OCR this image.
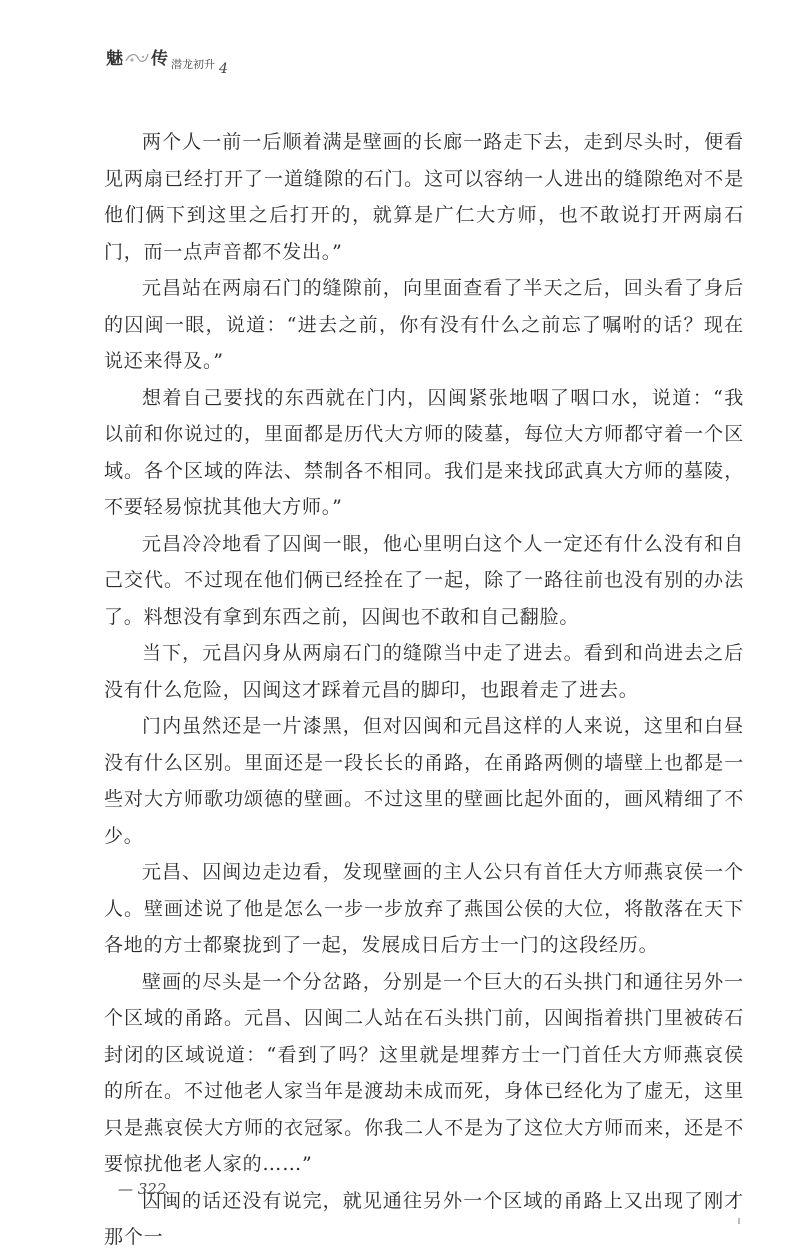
魅 传 潜龙初升 4

两个人一前一后顺着满是壁画的长廊一路走下去，走到尽头时，便看见两扇已经打开了一道缝隙的石门。这可以容纳一人进出的缝隙绝对不是他们俩下到这里之后打开的，就算是广仁大方师，也不敢说打开两扇石门，而一点声音都不发出。”

元昌站在两扇石门的缝隙前，向里面查看了半天之后，回头看了身后的囚闽一眼，说道：“进去之前，你有没有什么之前忘了嘱咐的话？现在说还来得及。”

想着自己要找的东西就在门内，囚闽紧张地咽了咽口水，说道：“我以前和你说过的，里面都是历代大方师的陵墓，每位大方师都守着一个区域。各个区域的阵法、禁制各不相同。我们是来找邱武真大方师的墓陵，不要轻易惊扰其他大方师。”

元昌冷冷地看了囚闽一眼，他心里明白这个人一定还有什么没有和自己交代。不过现在他们俩已经拴在了一起，除了一路往前也没有别的办法了。料想没有拿到东西之前，囚闽也不敢和自己翻脸。

当下，元昌闪身从两扇石门的缝隙当中走了进去。看到和尚进去之后没有什么危险，囚闽这才踩着元昌的脚印，也跟着走了进去。

门内虽然还是一片漆黑，但对囚闽和元昌这样的人来说，这里和白昼没有什么区别。里面还是一段长长的甬路，在甬路两侧的墙壁上也都是一些对大方师歌功颂德的壁画。不过这里的壁画比起外面的，画风精细了不少。

元昌、囚闽边走边看，发现壁画的主人公只有首任大方师燕哀侯一个人。壁画述说了他是怎么一步一步放弃了燕国公侯的大位，将散落在天下各地的方士都聚拢到了一起，发展成日后方士一门的这段经历。

壁画的尽头是一个分岔路，分别是一个巨大的石头拱门和通往另外一个区域的甬路。元昌、囚闽二人站在石头拱门前，囚闽指着拱门里被砖石封闭的区域说道：“看到了吗？这里就是埋葬方士一门首任大方师燕哀侯的所在。不过他老人家当年是渡劫未成而死，身体已经化为了虚无，这里只是燕哀侯大方师的衣冠冢。你我二人不是为了这位大方师而来，还是不要惊扰他老人家的……”

囚闽的话还没有说完，就见通往另外一个区域的甬路上又出现了刚才那个一

— 322
